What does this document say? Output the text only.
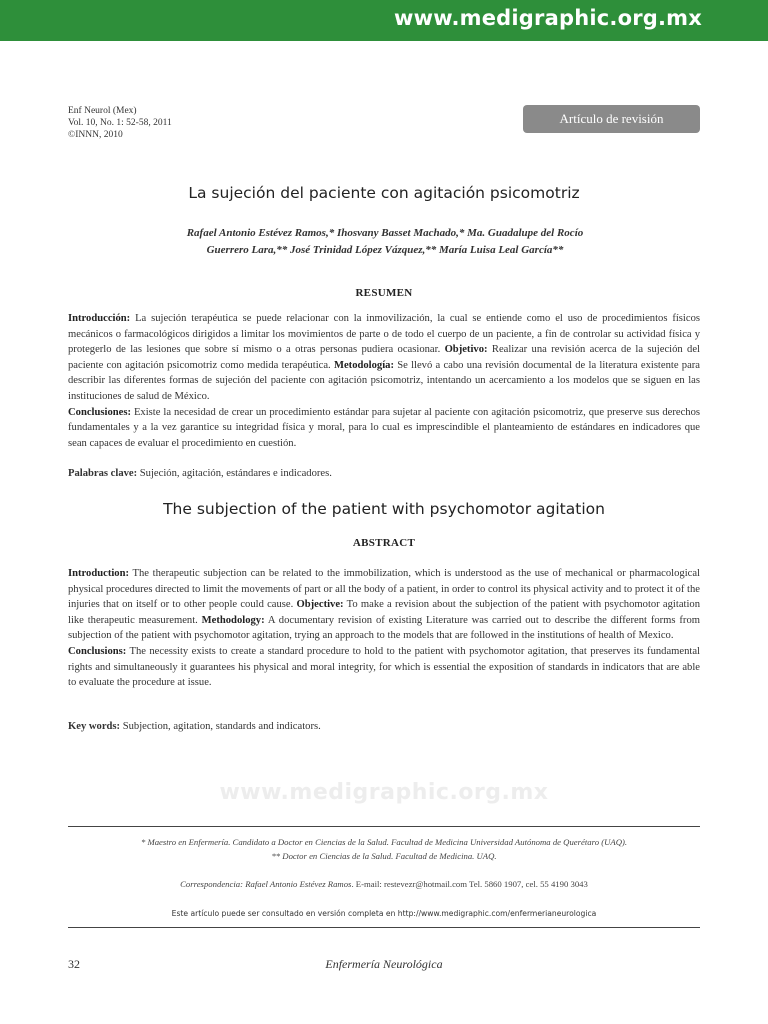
www.medigraphic.org.mx
Enf Neurol (Mex)
Vol. 10, No. 1: 52-58, 2011
©INNN, 2010
Artículo de revisión
La sujeción del paciente con agitación psicomotriz
Rafael Antonio Estévez Ramos,* Ihosvany Basset Machado,* Ma. Guadalupe del Rocío
Guerrero Lara,** José Trinidad López Vázquez,** María Luisa Leal García**
RESUMEN
Introducción: La sujeción terapéutica se puede relacionar con la inmovilización, la cual se entiende como el uso de procedimientos físicos mecánicos o farmacológicos dirigidos a limitar los movimientos de parte o de todo el cuerpo de un paciente, a fin de controlar su actividad física y protegerlo de las lesiones que sobre sí mismo o a otras personas pudiera ocasionar. Objetivo: Realizar una revisión acerca de la sujeción del paciente con agitación psicomotriz como medida terapéutica. Metodología: Se llevó a cabo una revisión documental de la literatura existente para describir las diferentes formas de sujeción del paciente con agitación psicomotriz, intentando un acercamiento a los modelos que se siguen en las instituciones de salud de México.
Conclusiones: Existe la necesidad de crear un procedimiento estándar para sujetar al paciente con agitación psicomotriz, que preserve sus derechos fundamentales y a la vez garantice su integridad física y moral, para lo cual es imprescindible el planteamiento de estándares en indicadores que sean capaces de evaluar el procedimiento en cuestión.
Palabras clave: Sujeción, agitación, estándares e indicadores.
The subjection of the patient with psychomotor agitation
ABSTRACT
Introduction: The therapeutic subjection can be related to the immobilization, which is understood as the use of mechanical or pharmacological physical procedures directed to limit the movements of part or all the body of a patient, in order to control its physical activity and to protect it of the injuries that on itself or to other people could cause. Objective: To make a revision about the subjection of the patient with psychomotor agitation like therapeutic measurement. Methodology: A documentary revision of existing Literature was carried out to describe the different forms from subjection of the patient with psychomotor agitation, trying an approach to the models that are followed in the institutions of health of Mexico.
Conclusions: The necessity exists to create a standard procedure to hold to the patient with psychomotor agitation, that preserves its fundamental rights and simultaneously it guarantees his physical and moral integrity, for which is essential the exposition of standards in indicators that are able to evaluate the procedure at issue.
Key words: Subjection, agitation, standards and indicators.
www.medigraphic.org.mx
* Maestro en Enfermería. Candidato a Doctor en Ciencias de la Salud. Facultad de Medicina Universidad Autónoma de Querétaro (UAQ).
** Doctor en Ciencias de la Salud. Facultad de Medicina. UAQ.
Correspondencia: Rafael Antonio Estévez Ramos. E-mail: restevezr@hotmail.com Tel. 5860 1907, cel. 55 4190 3043
Este artículo puede ser consultado en versión completa en http://www.medigraphic.com/enfermerianeurologica
32	Enfermería Neurológica
